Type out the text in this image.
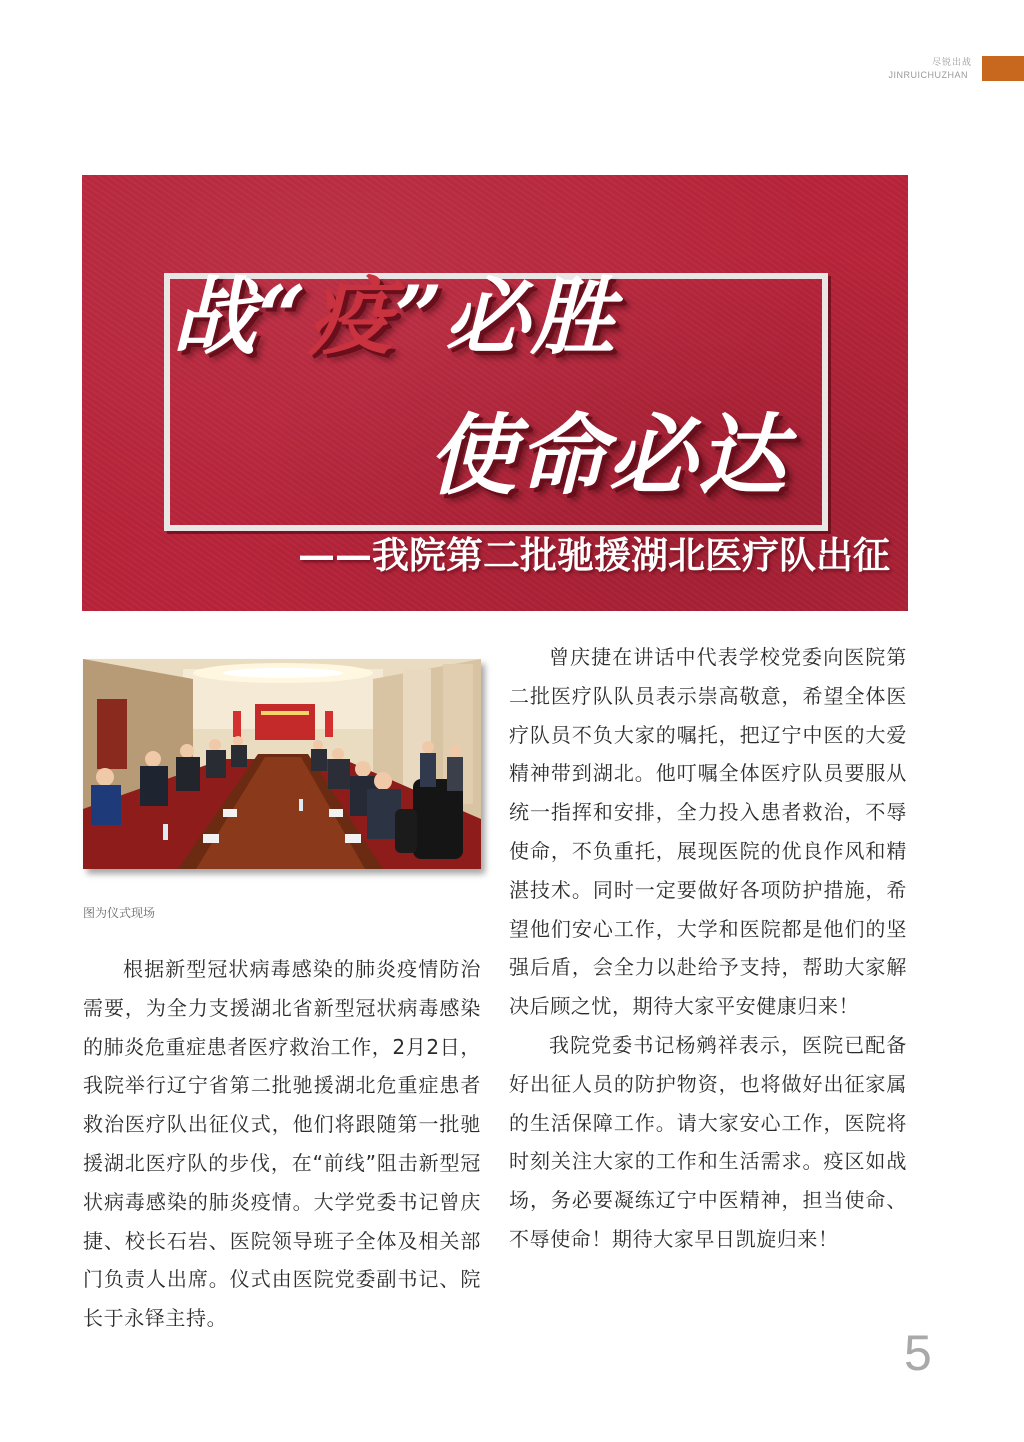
尽锐出战
JINRUICHUZHAN
战“疫”必胜
使命必达
——我院第二批驰援湖北医疗队出征
图为仪式现场

根据新型冠状病毒感染的肺炎疫情防治需要，为全力支援湖北省新型冠状病毒感染的肺炎危重症患者医疗救治工作，2月2日，我院举行辽宁省第二批驰援湖北危重症患者救治医疗队出征仪式，他们将跟随第一批驰援湖北医疗队的步伐，在“前线”阻击新型冠状病毒感染的肺炎疫情。大学党委书记曾庆捷、校长石岩、医院领导班子全体及相关部门负责人出席。仪式由医院党委副书记、院长于永铎主持。

曾庆捷在讲话中代表学校党委向医院第二批医疗队队员表示崇高敬意，希望全体医疗队员不负大家的嘱托，把辽宁中医的大爱精神带到湖北。他叮嘱全体医疗队员要服从统一指挥和安排，全力投入患者救治，不辱使命，不负重托，展现医院的优良作风和精湛技术。同时一定要做好各项防护措施，希望他们安心工作，大学和医院都是他们的坚强后盾，会全力以赴给予支持，帮助大家解决后顾之忧，期待大家平安健康归来！

我院党委书记杨鹓祥表示，医院已配备好出征人员的防护物资，也将做好出征家属的生活保障工作。请大家安心工作，医院将时刻关注大家的工作和生活需求。疫区如战场，务必要凝练辽宁中医精神，担当使命、不辱使命！期待大家早日凯旋归来！

5
